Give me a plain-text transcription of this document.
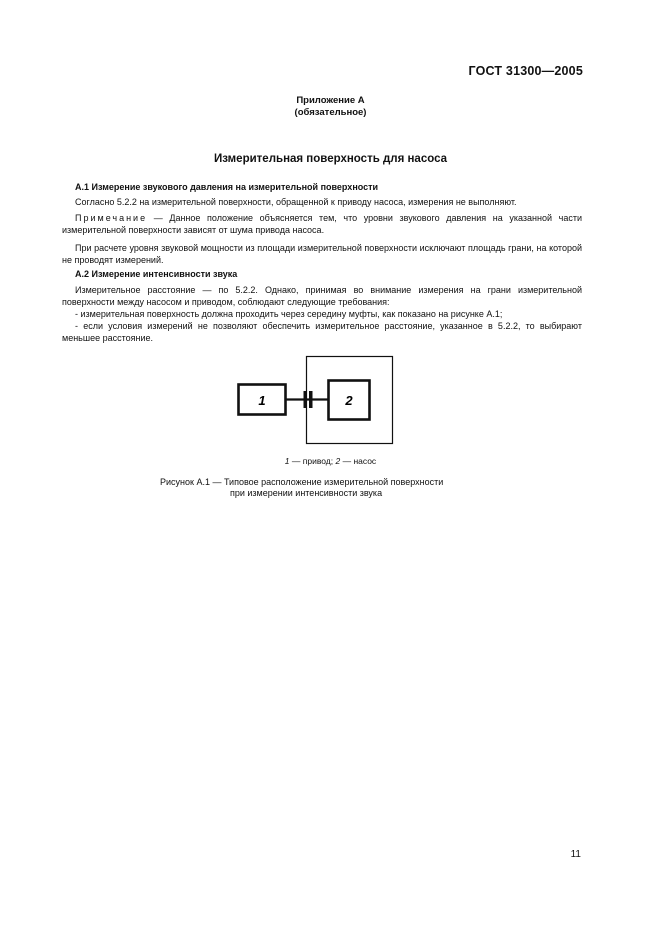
ГОСТ 31300—2005
Приложение А
(обязательное)
Измерительная поверхность для насоса
А.1 Измерение звукового давления на измерительной поверхности
Согласно 5.2.2 на измерительной поверхности, обращенной к приводу насоса, измерения не выполняют.
Примечание — Данное положение объясняется тем, что уровни звукового давления на указанной части измерительной поверхности зависят от шума привода насоса.
При расчете уровня звуковой мощности из площади измерительной поверхности исключают площадь грани, на которой не проводят измерений.
А.2 Измерение интенсивности звука
Измерительное расстояние — по 5.2.2. Однако, принимая во внимание измерения на грани измерительной поверхности между насосом и приводом, соблюдают следующие требования:
- измерительная поверхность должна проходить через середину муфты, как показано на рисунке А.1;
- если условия измерений не позволяют обеспечить измерительное расстояние, указанное в 5.2.2, то выбирают меньшее расстояние.
1	2
1 — привод; 2 — насос
Рисунок А.1 — Типовое расположение измерительной поверхности
при измерении интенсивности звука
11
